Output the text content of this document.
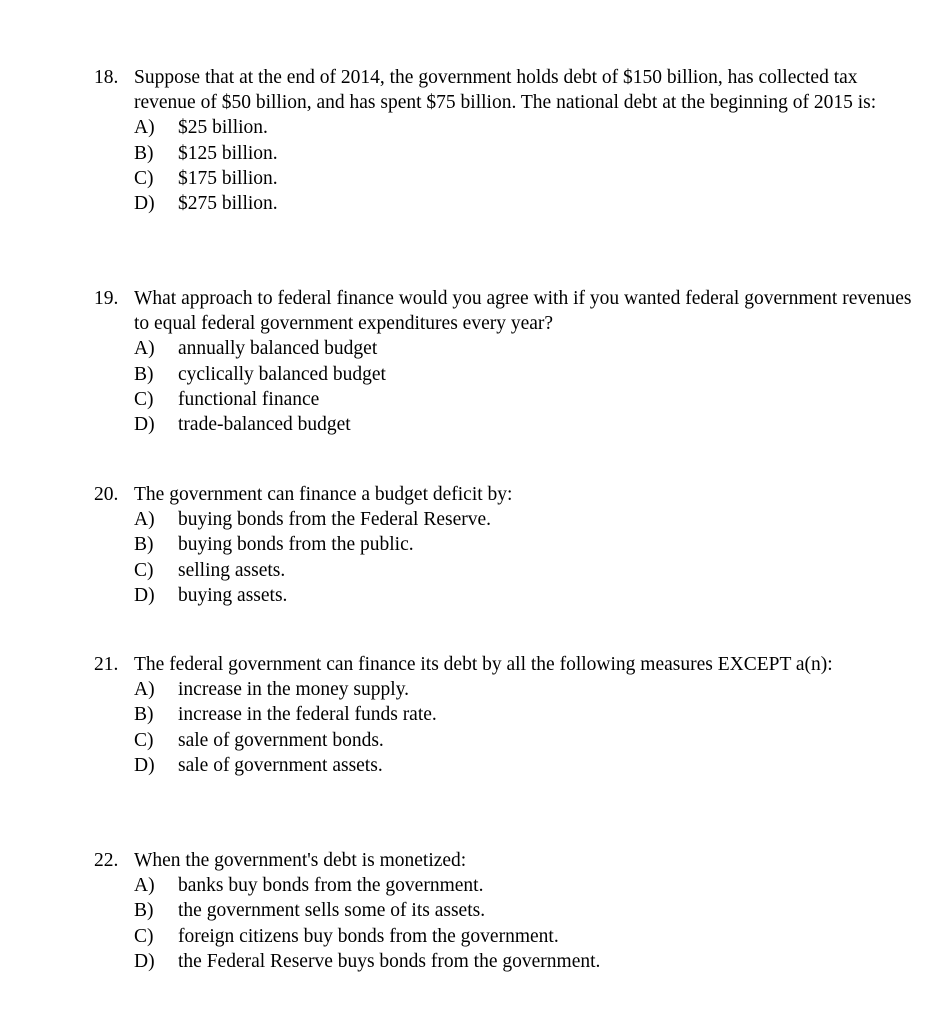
18. Suppose that at the end of 2014, the government holds debt of $150 billion, has collected tax revenue of $50 billion, and has spent $75 billion. The national debt at the beginning of 2015 is:
A)	$25 billion.
B)	$125 billion.
C)	$175 billion.
D)	$275 billion.
19. What approach to federal finance would you agree with if you wanted federal government revenues to equal federal government expenditures every year?
A)	annually balanced budget
B)	cyclically balanced budget
C)	functional finance
D)	trade-balanced budget
20. The government can finance a budget deficit by:
A)	buying bonds from the Federal Reserve.
B)	buying bonds from the public.
C)	selling assets.
D)	buying assets.
21. The federal government can finance its debt by all the following measures EXCEPT a(n):
A)	increase in the money supply.
B)	increase in the federal funds rate.
C)	sale of government bonds.
D)	sale of government assets.
22. When the government's debt is monetized:
A)	banks buy bonds from the government.
B)	the government sells some of its assets.
C)	foreign citizens buy bonds from the government.
D)	the Federal Reserve buys bonds from the government.
